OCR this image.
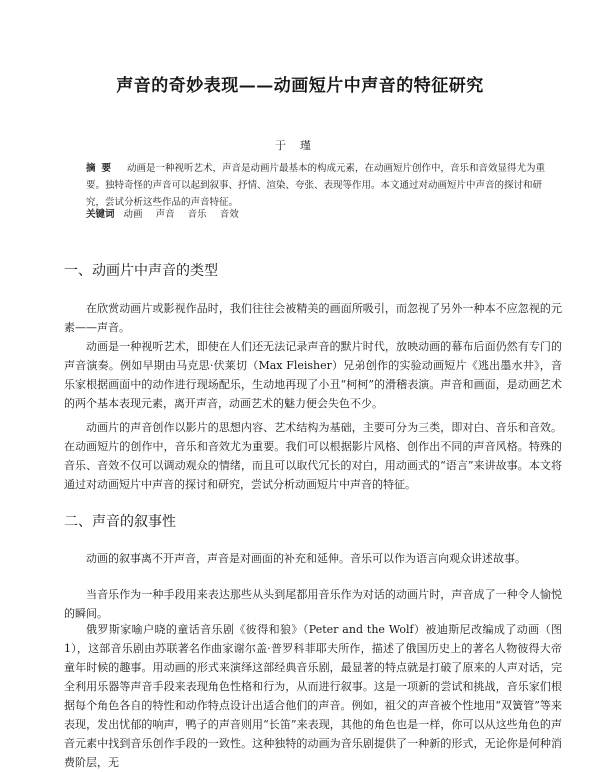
声音的奇妙表现——动画短片中声音的特征研究
于瑾
摘要 动画是一种视听艺术，声音是动画片最基本的构成元素，在动画短片创作中，音乐和音效显得尤为重要。独特奇怪的声音可以起到叙事、抒情、渲染、夸张、表现等作用。本文通过对动画短片中声音的探讨和研究，尝试分析这些作品的声音特征。
关键词 动画 声音 音乐 音效
一、动画片中声音的类型

在欣赏动画片或影视作品时，我们往往会被精美的画面所吸引，而忽视了另外一种本不应忽视的元素——声音。

动画是一种视听艺术，即使在人们还无法记录声音的默片时代，放映动画的幕布后面仍然有专门的声音演奏。例如早期由马克思·伏莱切（Max Fleisher）兄弟创作的实验动画短片《逃出墨水井》，音乐家根据画面中的动作进行现场配乐，生动地再现了小丑“柯柯”的滑稽表演。声音和画面，是动画艺术的两个基本表现元素，离开声音，动画艺术的魅力便会失色不少。

动画片的声音创作以影片的思想内容、艺术结构为基础，主要可分为三类，即对白、音乐和音效。在动画短片的创作中，音乐和音效尤为重要。我们可以根据影片风格、创作出不同的声音风格。特殊的音乐、音效不仅可以调动观众的情绪，而且可以取代冗长的对白，用动画式的“语言”来讲故事。本文将通过对动画短片中声音的探讨和研究，尝试分析动画短片中声音的特征。

二、声音的叙事性

动画的叙事离不开声音，声音是对画面的补充和延伸。音乐可以作为语言向观众讲述故事。

当音乐作为一种手段用来表达那些从头到尾都用音乐作为对话的动画片时，声音成了一种令人愉悦的瞬间。

俄罗斯家喻户晓的童话音乐剧《彼得和狼》（Peter and the Wolf）被迪斯尼改编成了动画（图1），这部音乐剧由苏联著名作曲家谢尔盖·普罗科菲耶夫所作，描述了俄国历史上的著名人物彼得大帝童年时候的趣事。用动画的形式来演绎这部经典音乐剧，最显著的特点就是打破了原来的人声对话，完全利用乐器等声音手段来表现角色性格和行为，从而进行叙事。这是一项新的尝试和挑战，音乐家们根据每个角色各自的特性和动作特点设计出适合他们的声音。例如，祖父的声音被个性地用“双簧管”等来表现，发出忧郁的响声，鸭子的声音则用“长笛”来表现，其他的角色也是一样，你可以从这些角色的声音元素中找到音乐创作手段的一致性。这种独特的动画为音乐剧提供了一种新的形式，无论你是何种消费阶层，无
